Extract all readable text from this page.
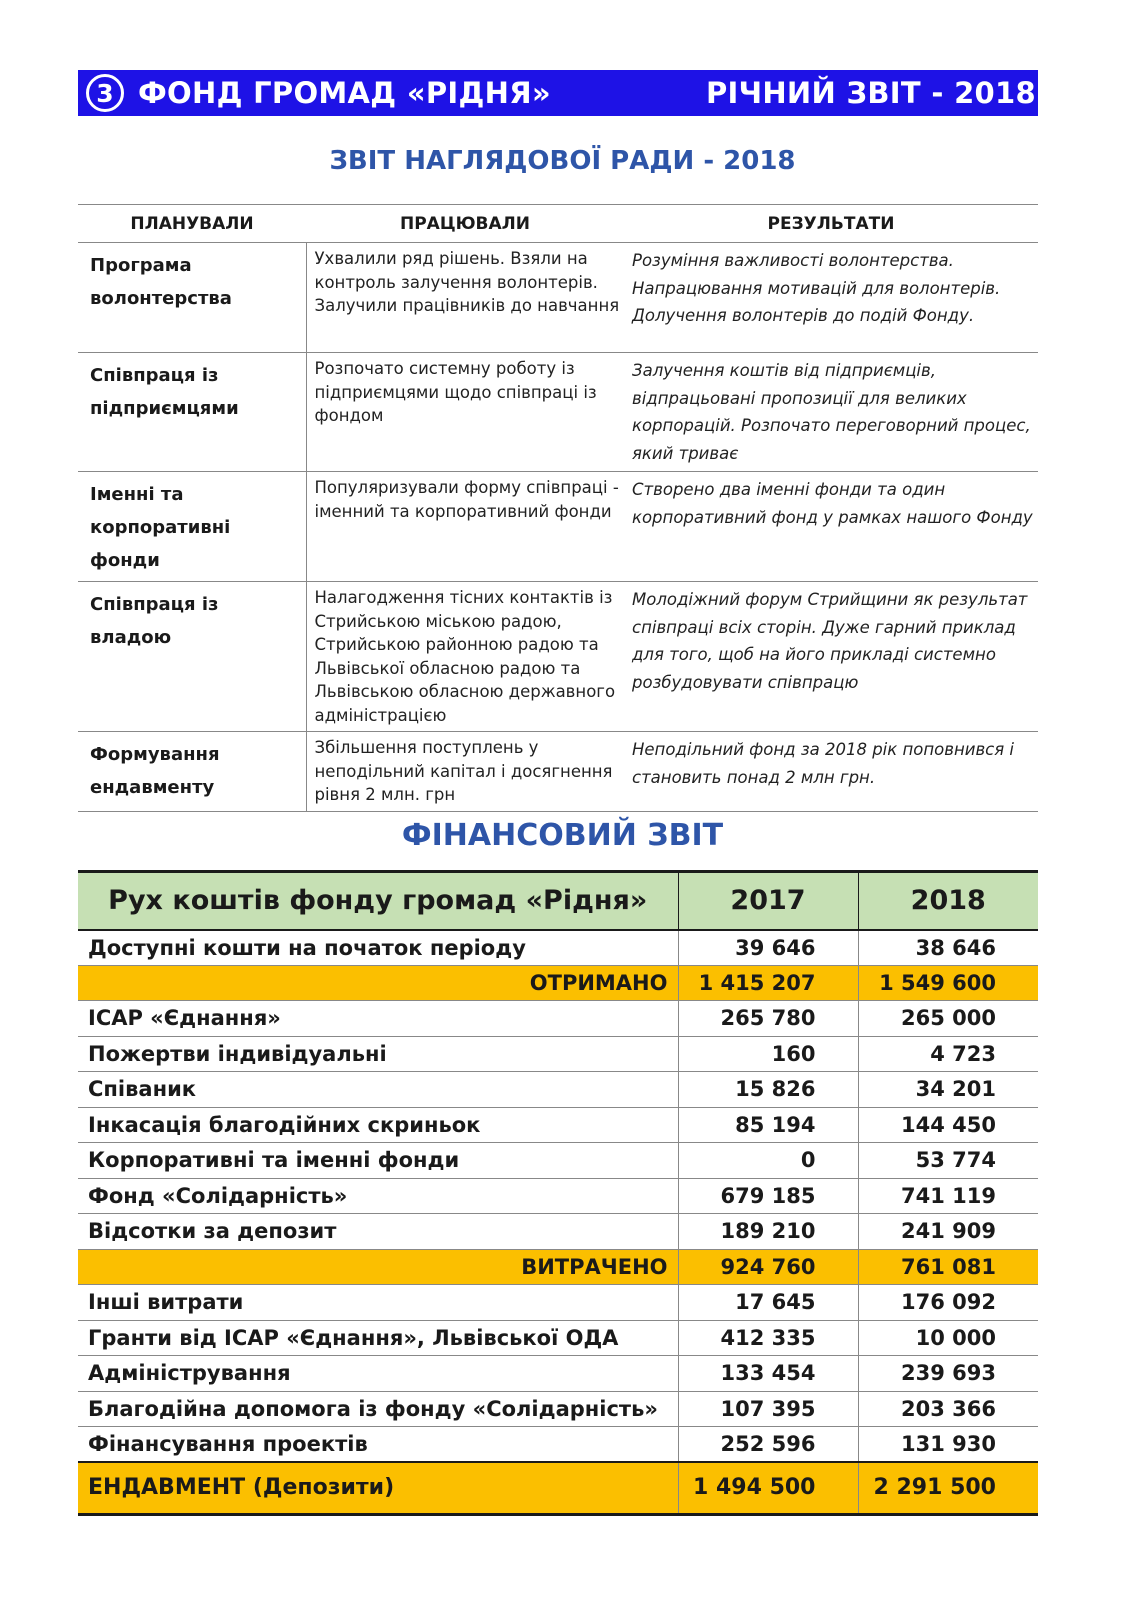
3 ФОНД ГРОМАД «РІДНЯ»	РІЧНИЙ ЗВІТ - 2018
ЗВІТ НАГЛЯДОВОЇ РАДИ - 2018
ПЛАНУВАЛИ	ПРАЦЮВАЛИ	РЕЗУЛЬТАТИ
Програма волонтерства	Ухвалили ряд рішень. Взяли на контроль залучення волонтерів. Залучили працівників до навчання	Розуміння важливості волонтерства. Напрацювання мотивацій для волонтерів. Долучення волонтерів до подій Фонду.
Співпраця із підприємцями	Розпочато системну роботу із підприємцями щодо співпраці із фондом	Залучення коштів від підприємців, відпрацьовані пропозиції для великих корпорацій. Розпочато переговорний процес, який триває
Іменні та корпоративні фонди	Популяризували форму співпраці - іменний та корпоративний фонди	Створено два іменні фонди та один корпоративний фонд у рамках нашого Фонду
Співпраця із владою	Налагодження тісних контактів із Стрийською міською радою, Стрийською районною радою та Львівської обласною радою та Львівською обласною державного адміністрацією	Молодіжний форум Стрийщини як результат співпраці всіх сторін. Дуже гарний приклад для того, щоб на його прикладі системно розбудовувати співпрацю
Формування ендавменту	Збільшення поступлень у неподільний капітал і досягнення рівня 2 млн. грн	Неподільний фонд за 2018 рік поповнився і становить понад 2 млн грн.
ФІНАНСОВИЙ ЗВІТ
Рух коштів фонду громад «Рідня»	2017	2018
Доступні кошти на початок періоду	39 646	38 646
ОТРИМАНО	1 415 207	1 549 600
ІСАР «Єднання»	265 780	265 000
Пожертви індивідуальні	160	4 723
Співаник	15 826	34 201
Інкасація благодійних скриньок	85 194	144 450
Корпоративні та іменні фонди	0	53 774
Фонд «Солідарність»	679 185	741 119
Відсотки за депозит	189 210	241 909
ВИТРАЧЕНО	924 760	761 081
Інші витрати	17 645	176 092
Гранти від ІСАР «Єднання», Львівської ОДА	412 335	10 000
Адміністрування	133 454	239 693
Благодійна допомога із фонду «Солідарність»	107 395	203 366
Фінансування проектів	252 596	131 930
ЕНДАВМЕНТ (Депозити)	1 494 500	2 291 500
